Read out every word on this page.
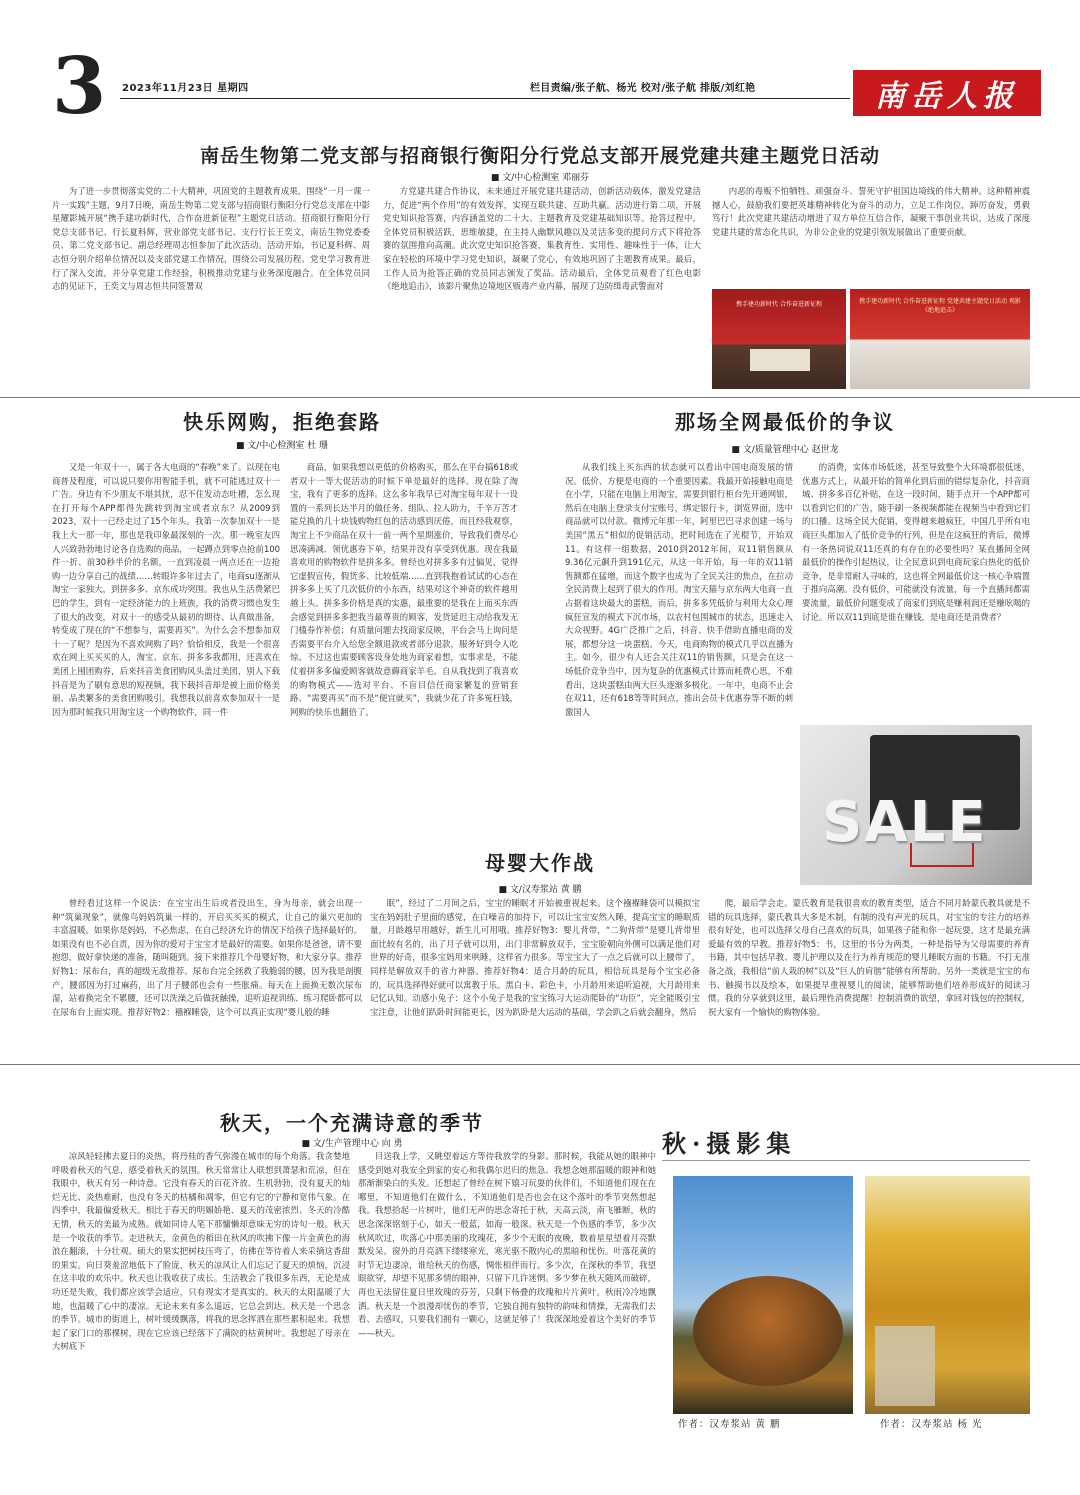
3 2023年11月23日 星期四	栏目责编/张子航、杨光 校对/张子航 排版/刘红艳	南岳人报
南岳生物第二党支部与招商银行衡阳分行党总支部开展党建共建主题党日活动
■ 文/中心检测室 邓丽芬

为了进一步贯彻落实党的二十大精神，巩固党的主题教育成果，围绕“一月一课一片一实践”主题，9月7日晚，南岳生物第二党支部与招商银行衡阳分行党总支部在中影星耀影城开展“携手建功新时代，合作奋进新征程”主题党日活动。招商银行衡阳分行党总支部书记、行长夏科辉，营业部党支部书记、支行行长王奕文，南岳生物党委委员、第二党支部书记、副总经理周志恒参加了此次活动。活动开始，书记夏科辉、周志恒分别介绍单位情况以及支部党建工作情况，围绕公司发展历程、党史学习教育进行了深入交流，并分享党建工作经验，积极推动党建与业务深度融合。在全体党员同志的见证下，王奕文与周志恒共同签署双

方党建共建合作协议，未来通过开展党建共建活动，创新活动载体，激发党建活力，促进“两个作用”的有效发挥，实现互联共建、互助共赢。活动进行第二项，开展党史知识抢答赛，内容涵盖党的二十大、主题教育及党建基础知识等。抢答过程中，全体党员积极活跃，思维敏捷，在主持人幽默风趣以及灵活多变的提问方式下将抢答赛的氛围推向高潮。此次党史知识抢答赛，集教育性、实用性、趣味性于一体，让大家在轻松的环境中学习党史知识，凝聚了党心，有效地巩固了主题教育成果。最后，工作人员为抢答正确的党员同志颁发了奖品。活动最后，全体党员观看了红色电影《绝地追击》，该影片聚焦边境地区贩毒产业内幕，展现了边防缉毒武警面对

内恶的毒贩不怕牺牲、顽强奋斗、誓死守护祖国边境线的伟大精神。这种精神震撼人心，鼓励我们要把英雄精神转化为奋斗的动力，立足工作岗位，踔厉奋发，勇毅笃行！此次党建共建活动增进了双方单位互信合作，凝聚干事创业共识，达成了深度党建共建的常态化共识，为非公企业的党建引领发展做出了重要贡献。

携手建功新时代 合作奋进新征程	携手建功新时代 合作奋进新征程 党建共建主题党日活动 观影《绝地追击》
快乐网购，拒绝套路
■ 文/中心检测室 杜 珊

又是一年双十一，属于各大电商的“春晚”来了。以现在电商普及程度，可以说只要你用智能手机，就不可能逃过双十一广告。身边有不少朋友不堪其扰，忍不住发动态吐槽，怎么现在打开每个APP都得先跳转到淘宝或者京东？从2009到2023，双十一已经走过了15个年头。我第一次参加双十一是我上大一那一年，那也是我印象最深刻的一次。那一晚室友四人兴致勃勃地讨论各自选购的商品，一起蹲点到零点抢前100件一折、前30秒半价的名额，一直到凌晨一两点还在一边抢购一边分享自己的战绩……转眼许多年过去了，电商su逐渐从淘宝一家独大，到拼多多、京东成功突围。我也从生活费紧巴巴的学生，到有一定经济能力的上班族，我的消费习惯也发生了很大的改变，对双十一的感受从最初的期待、认真做准备，转变成了现在的“不想参与，需要再买”。为什么会不想参加双十一了呢？是因为不喜欢网购了吗？恰恰相反，我是一个很喜欢在网上买买买的人，淘宝、京东、拼多多我都用，还喜欢在美团上囤团购券，后来抖音美食团购风头盖过美团，别人下载抖音是为了刷有意思的短视频，我下载抖音却是被上面价格美丽、品类繁多的美食团购吸引。我想我以前喜欢参加双十一是因为那时候我只用淘宝这一个购物软件，同一件

商品，如果我想以更低的价格购买，那么在平台搞618或者双十一等大促活动的时候下单是最好的选择。现在除了淘宝，我有了更多的选择。这么多年我早已对淘宝每年双十一设置的一系列长达半月的做任务、组队、拉人助力，千辛万苦才能兑换的几十块钱购物红包的活动感到厌倦，而且经我观察，淘宝上不少商品在双十一前一两个星期涨价，导致我们费尽心思凑满减、领优惠券下单，结果并没有享受到优惠。现在我最喜欢用的购物软件是拼多多。曾经也对拼多多有过偏见，觉得它虚假宣传，假货多、比较低端……直到我抱着试试的心态在拼多多上买了几次低价的小东西，结果对这个神奇的软件越用越上头。拼多多价格是真的实惠，最重要的是我在上面买东西会感觉到拼多多把我当最尊贵的顾客，发货延迟主动给我发无门槛券作补偿；有质量问题去找商家反映，平台会马上询问是否需要平台介入给您全额退款或者部分退款，服务好到令人吃惊。不过这也需要顾客设身处地为商家着想，实事求是，不能仗着拼多多偏爱顾客就故意薅商家羊毛。自从我找到了我喜欢的购物模式——选对平台、不盲目信任商家繁复的营销套路、“需要再买”而不是“便宜就买”，我就少花了许多冤枉钱，网购的快乐也翻倍了。

那场全网最低价的争议
■ 文/质量管理中心 赵世龙

从我们线上买东西的状态就可以看出中国电商发展的情况。低价、方便是电商的一个重要因素。我最开始接触电商是在小学，只能在电脑上用淘宝，需要到银行柜台先开通网银，然后在电脑上登录支付宝账号，绑定银行卡，浏览界面，选中商品就可以付款。微博元年那一年，阿里巴巴寻求创建一场与美国“黑五”相似的促销活动，把时间选在了光棍节，开始双11。有这样一组数据，2010到2012年间，双11销售额从9.36亿元飙升到191亿元，从这一年开始，每一年的双11销售额都在猛增，而这个数字也成为了全民关注的焦点，在拉动全民消费上起到了很大的作用。淘宝天猫与京东两大电商一直占据着这块最大的蛋糕，而后，拼多多凭低价与利用大众心理疯狂宣发的模式下沉市场，以农村包围城市的状态，迅速走入大众视野。4G广泛推广之后，抖音、快手借助直播电商的发展，都想分这一块蛋糕。今天，电商购物的模式几乎以直播为主。如今，很少有人还会关注双11的销售额，只是会在这一场低价竞争当中，因为复杂的优惠模式计算而耗费心思，不难看出，这块蛋糕由两大巨头逐渐多极化。一年中，电商不止会在双11，还有618等等时间点，推出会员卡优惠券等不断的刺激国人

的消费，实体市场低迷，甚至导致整个大环境都很低迷，优惠方式上，从最开始的简单化到后面的错综复杂化，抖音商城、拼多多百亿补贴，在这一段时间，随手点开一个APP都可以看到它们的广告，随手刷一条视频都能在视频当中看到它们的口播。这场全民大促销，变得越来越疯狂，中国几乎所有电商巨头都加入了低价竞争的行列，但是在这疯狂的背后，微博有一条热词说双11还真的有存在的必要性吗？某直播间全网最低价的操作引起热议，让全民意识到电商玩家白热化的低价竞争，是非常耐人寻味的，这也将全网最低价这一核心争端置于推向高潮。没有低价，可能就没有流量，每一个直播间都需要流量，最低价问题变成了商家们到底是赚利润还是赚吆喝的讨论。所以双11到底是谁在赚钱，是电商还是消费者？

SALE
母婴大作战
■ 文/汉寿浆站 黄 鹏

曾经看过这样一个说法：在宝宝出生后或者没出生，身为母亲，就会出现一种“筑巢现象”，就像鸟妈妈筑巢一样的，开启买买买的模式，让自己的巢穴更加的丰富温暖。如果你是妈妈，不必焦虑，在自己经济允许的情况下给孩子选择最好的。如果没有也不必自责，因为你的爱对于宝宝才是最好的需要。如果你是爸爸，请不要抱怨，做好拿快递的准备，随叫随到。接下来推荐几个母婴好物，和大家分享。推荐好物1：尿布台，真的超级无敌推荐。尿布台完全拯救了我脆弱的腰，因为我是剖腹产，腰部因为打过麻药，出了月子腰部也会有一些胀痛。每天在上面换无数次尿布湿，站着换完全不累腰，还可以洗澡之后做抚触操，追听追视训练、练习爬卧都可以在尿布台上面实现。推荐好物2：襁褓睡袋，这个可以真正实现“婴儿般的睡

眠”，经过了二月间之后，宝宝的睡眠才开始被重视起来。这个襁褓睡袋可以模拟宝宝在妈妈肚子里面的感觉，在白噪音的加持下，可以让宝宝安然入睡，提高宝宝的睡眠质量，月龄越早用越好，新生儿可用哦。推荐好物3：婴儿背带，“二狗背带”是婴儿背带里面比较有名的，出了月子就可以用，出门非常解放双手，宝宝脸朝向外侧可以满足他们对世界的好奇，很多宝妈用来哄睡，这样省力很多。等宝宝大了一点之后就可以上腰带了，同样是解放双手的省力神器。推荐好物4：适合月龄的玩具，相信玩具是每个宝宝必备的，玩具选择得好就可以寓教于乐。黑白卡、彩色卡，小月龄用来追听追视，大月龄用来记忆认知。动感小兔子：这个小兔子是我的宝宝练习大运动爬卧的“功臣”，完全能吸引宝宝注意，让他们趴卧时间能更长，因为趴卧是大运动的基础，学会趴之后就会翻身，然后

爬，最后学会走。蒙氏教育是我很喜欢的教育类型，适合不同月龄蒙氏教具就是不错的玩具选择，蒙氏教具大多是木制，有制的没有声光的玩具，对宝宝的专注力的培养很有好处，也可以选择父母自己喜欢的玩具，如果孩子能和你一起玩耍，这才是最充满爱最有效的早教。推荐好物5：书，这里的书分为两类，一种是指导为父母需要的养育书籍，其中包括早教、婴儿护理以及在行为养育规范的婴儿睡眠方面的书籍。不打无准备之战，我相信“前人栽的树”以及“巨人的肩膀”能够有所帮助。另外一类就是宝宝的布书、触摸书以及绘本，如果提早重视婴儿的阅读，能够帮助他们培养形成好的阅读习惯。我的分享就到这里，最后理性消费提醒！控制消费的欲望，拿回对钱包的控制权，祝大家有一个愉快的购物体验。

秋天，一个充满诗意的季节
■ 文/生产管理中心 向 勇

凉风轻轻拂去夏日的炎热，将丹桂的香气弥漫在城市的每个角落。我贪婪地呼吸着秋天的气息，感受着秋天的氛围。秋天常常让人联想到萧瑟和荒凉，但在我眼中，秋天有另一种诗意。它没有春天的百花齐放、生机勃勃，没有夏天的灿烂无比、炎热难耐，也没有冬天的枯橘和凋零，但它有它的宁静和宽伟气象。在四季中，我最偏爱秋天。相比于春天的明媚娇艳、夏天的茂密浓烈、冬天的冷酷无情，秋天的美最为成熟。就如同诗人笔下那慵懒却意味无穷的诗句一般。秋天是一个收获的季节。走进秋天，金黄色的稻田在秋风的吹拂下像一片金黄色的海浪在翻滚，十分壮观。硕大的果实把树枝压弯了，仿佛在等待着人来采摘这香甜的果实。向日葵羞涩地低下了脸庞，秋天的凉风让人们忘记了夏天的烦恼，沉浸在这丰收的欢乐中。秋天也让我收获了成长。生活教会了我很多东西，无论是成功还是失败，我们都应该学会适应，只有现实才是真实的。秋天的太阳温暖了大地，也温暖了心中的凄凉。无论未来有多么遥远，它总会到达。秋天是一个思念的季节。城市的街道上，树叶缓缓飘落，将我的思念挥洒在那些累积起来。我想起了家门口的那棵树，现在它应该已经落下了满院的枯黄树叶。我想起了母亲在大树底下

目送我上学，又眺望着远方等待我放学的身影。那时候，我能从她的眼神中感受到她对我安全到家的安心和我偶尔迟归的焦急。我想念她那温暖的眼神和她那渐渐染白的头发。还想起了曾经在树下嬉习玩耍的伙伴们，不知道他们现在在哪里，不知道他们在做什么，不知道他们是否也会在这个落叶的季节突然想起我。我想拾起一片树叶，他们无声的思念寄托于秋，天高云淡，南飞雁断，秋的思念深深铭刻于心，如天一般蓝，如海一般深。秋天是一个伤感的季节，多少次秋风吹过，吹落心中那美丽的玫瑰花，多少个无眠的夜晚，数着星星望着月亮默默发呆。窗外的月亮洒下缕缕寒光，寒光驱不散内心的黑暗和忧伤。叶落花黄的时节无边凄凉，谁给秋天的伤感，惆怅相伴而行。多少次，在深秋的季节，我望眼欲穿，却望不见那多情的眼神，只留下几许迷惘。多少梦在秋天随风而破碎，再也无法留住夏日里玫瑰的芬芳，只剩下杨叠的玫瑰和片片黄叶。秋雨冷冷地飘洒。秋天是一个浪漫却忧伤的季节，它独自拥有独特的韵味和情操，无需我们去看、去感叹，只要我们拥有一颗心，这就足够了！我深深地爱着这个美好的季节——秋天。

秋·摄影集
作者：汉寿浆站 黄 鹏	作者：汉寿浆站 杨 光
